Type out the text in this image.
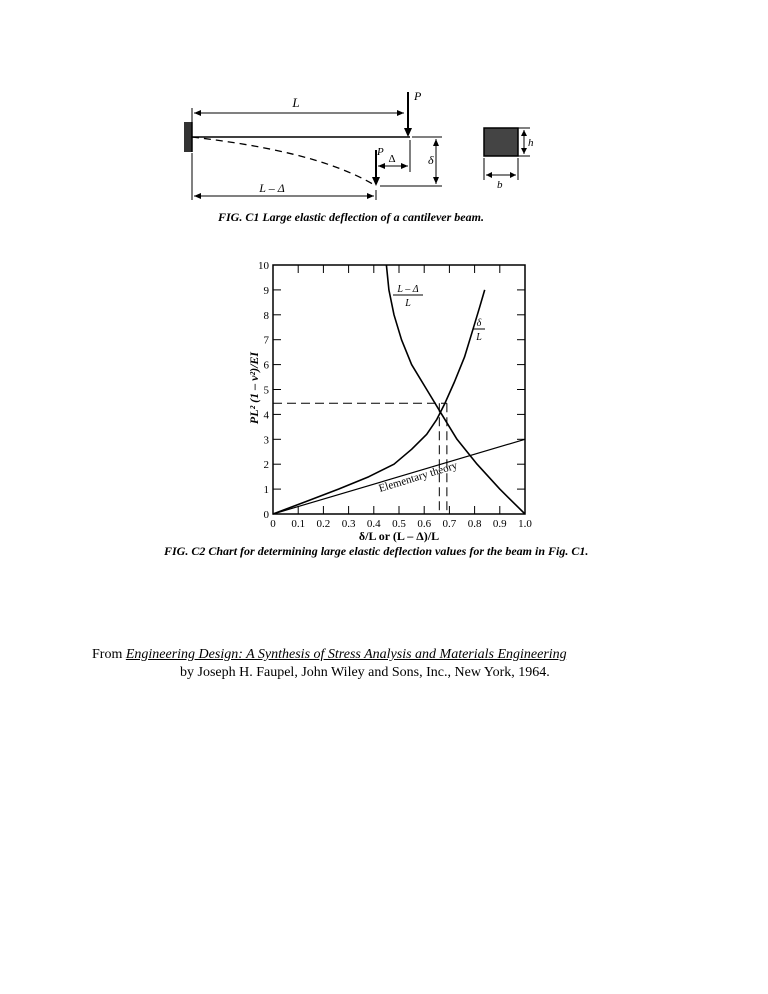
L	P
P
Δ	δ
L – Δ
h
b
FIG. C1 Large elastic deflection of a cantilever beam.
0 0.1 0.2 0.3 0.4 0.5 0.6 0.7 0.8 0.9 1.0
0
1
2
3
4
5
6
7
8
9
10
L – Δ
L
δ
L
Elementary theory
δ/L or (L – Δ)/L
PL² (1 – ν²)/EI
FIG. C2 Chart for determining large elastic deflection values for the beam in Fig. C1.
From Engineering Design: A Synthesis of Stress Analysis and Materials Engineering
by Joseph H. Faupel, John Wiley and Sons, Inc., New York, 1964.
